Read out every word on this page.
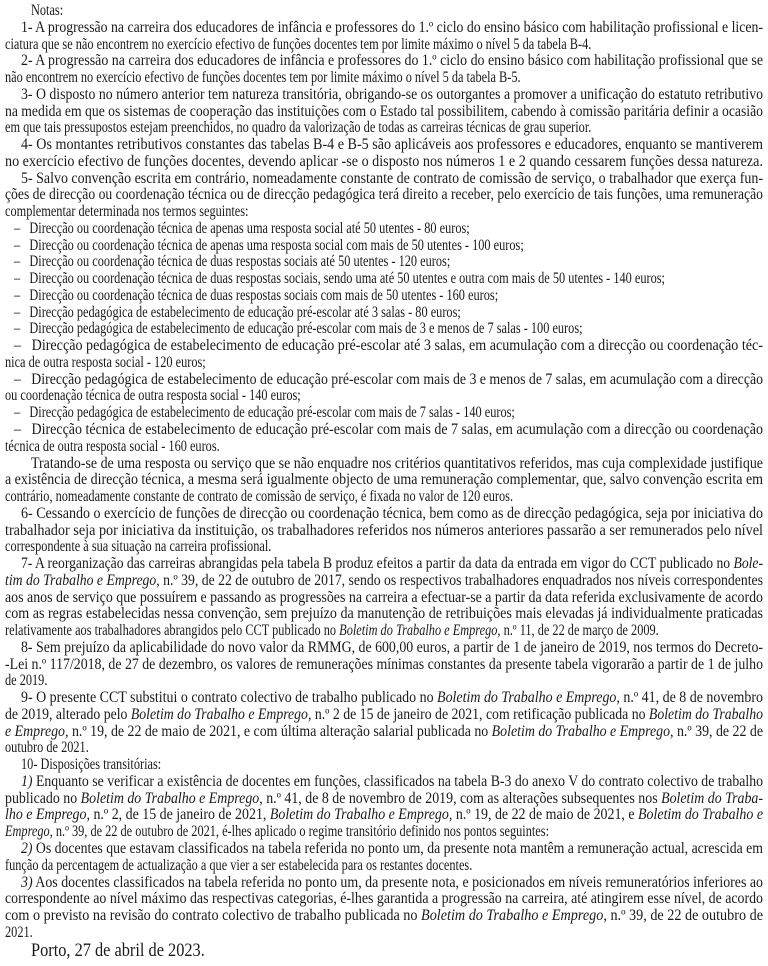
Porto, 27 de abril de 2023.
Notas:
1- A progressão na carreira dos educadores de infância e professores do 1.º ciclo do ensino básico com habilitação profissional e licen-
ciatura que se não encontrem no exercício efectivo de funções docentes tem por limite máximo o nível 5 da tabela B-4.
2- A progressão na carreira dos educadores de infância e professores do 1.º ciclo do ensino básico com habilitação profissional que se
não encontrem no exercício efectivo de funções docentes tem por limite máximo o nível 5 da tabela B-5.
3- O disposto no número anterior tem natureza transitória, obrigando-se os outorgantes a promover a unificação do estatuto retributivo
na medida em que os sistemas de cooperação das instituições com o Estado tal possibilitem, cabendo à comissão paritária definir a ocasião
em que tais pressupostos estejam preenchidos, no quadro da valorização de todas as carreiras técnicas de grau superior.
4- Os montantes retributivos constantes das tabelas B-4 e B-5 são aplicáveis aos professores e educadores, enquanto se mantiverem
no exercício efectivo de funções docentes, devendo aplicar -se o disposto nos números 1 e 2 quando cessarem funções dessa natureza.
5- Salvo convenção escrita em contrário, nomeadamente constante de contrato de comissão de serviço, o trabalhador que exerça fun-
ções de direcção ou coordenação técnica ou de direcção pedagógica terá direito a receber, pelo exercício de tais funções, uma remuneração
complementar determinada nos termos seguintes:
–   Direcção ou coordenação técnica de apenas uma resposta social até 50 utentes - 80 euros;
–   Direcção ou coordenação técnica de apenas uma resposta social com mais de 50 utentes - 100 euros;
–   Direcção ou coordenação técnica de duas respostas sociais até 50 utentes - 120 euros;
–   Direcção ou coordenação técnica de duas respostas sociais, sendo uma até 50 utentes e outra com mais de 50 utentes - 140 euros;
–   Direcção ou coordenação técnica de duas respostas sociais com mais de 50 utentes - 160 euros;
–   Direcção pedagógica de estabelecimento de educação pré-escolar até 3 salas - 80 euros;
–   Direcção pedagógica de estabelecimento de educação pré-escolar com mais de 3 e menos de 7 salas - 100 euros;
–   Direcção pedagógica de estabelecimento de educação pré-escolar até 3 salas, em acumulação com a direcção ou coordenação téc-
nica de outra resposta social - 120 euros;
–   Direcção pedagógica de estabelecimento de educação pré-escolar com mais de 3 e menos de 7 salas, em acumulação com a direcção
ou coordenação técnica de outra resposta social - 140 euros;
–   Direcção pedagógica de estabelecimento de educação pré-escolar com mais de 7 salas - 140 euros;
–   Direcção técnica de estabelecimento de educação pré-escolar com mais de 7 salas, em acumulação com a direcção ou coordenação
técnica de outra resposta social - 160 euros.
Tratando-se de uma resposta ou serviço que se não enquadre nos critérios quantitativos referidos, mas cuja complexidade justifique
a existência de direcção técnica, a mesma será igualmente objecto de uma remuneração complementar, que, salvo convenção escrita em
contrário, nomeadamente constante de contrato de comissão de serviço, é fixada no valor de 120 euros.
6- Cessando o exercício de funções de direcção ou coordenação técnica, bem como as de direcção pedagógica, seja por iniciativa do
trabalhador seja por iniciativa da instituição, os trabalhadores referidos nos números anteriores passarão a ser remunerados pelo nível
correspondente à sua situação na carreira profissional.
7- A reorganização das carreiras abrangidas pela tabela B produz efeitos a partir da data da entrada em vigor do CCT publicado no Bole-
tim do Trabalho e Emprego, n.º 39, de 22 de outubro de 2017, sendo os respectivos trabalhadores enquadrados nos níveis correspondentes
aos anos de serviço que possuírem e passando as progressões na carreira a efectuar-se a partir da data referida exclusivamente de acordo
com as regras estabelecidas nessa convenção, sem prejuízo da manutenção de retribuições mais elevadas já individualmente praticadas
relativamente aos trabalhadores abrangidos pelo CCT publicado no Boletim do Trabalho e Emprego, n.º 11, de 22 de março de 2009.
8- Sem prejuízo da aplicabilidade do novo valor da RMMG, de 600,00 euros, a partir de 1 de janeiro de 2019, nos termos do Decreto-
-Lei n.º 117/2018, de 27 de dezembro, os valores de remunerações mínimas constantes da presente tabela vigorarão a partir de 1 de julho
de 2019.
9- O presente CCT substitui o contrato colectivo de trabalho publicado no Boletim do Trabalho e Emprego, n.º 41, de 8 de novembro
de 2019, alterado pelo Boletim do Trabalho e Emprego, n.º 2 de 15 de janeiro de 2021, com retificação publicada no Boletim do Trabalho
e Emprego, n.º 19, de 22 de maio de 2021, e com última alteração salarial publicada no Boletim do Trabalho e Emprego, n.º 39, de 22 de
outubro de 2021.
10- Disposições transitórias:
1) Enquanto se verificar a existência de docentes em funções, classificados na tabela B-3 do anexo V do contrato colectivo de trabalho
publicado no Boletim do Trabalho e Emprego, n.º 41, de 8 de novembro de 2019, com as alterações subsequentes nos Boletim do Traba-
lho e Emprego, n.º 2, de 15 de janeiro de 2021, Boletim do Trabalho e Emprego, n.º 19, de 22 de maio de 2021, e Boletim do Trabalho e
Emprego, n.º 39, de 22 de outubro de 2021, é-lhes aplicado o regime transitório definido nos pontos seguintes:
2) Os docentes que estavam classificados na tabela referida no ponto um, da presente nota mantêm a remuneração actual, acrescida em
função da percentagem de actualização a que vier a ser estabelecida para os restantes docentes.
3) Aos docentes classificados na tabela referida no ponto um, da presente nota, e posicionados em níveis remuneratórios inferiores ao
correspondente ao nível máximo das respectivas categorias, é-lhes garantida a progressão na carreira, até atingirem esse nível, de acordo
com o previsto na revisão do contrato colectivo de trabalho publicada no Boletim do Trabalho e Emprego, n.º 39, de 22 de outubro de
2021.
